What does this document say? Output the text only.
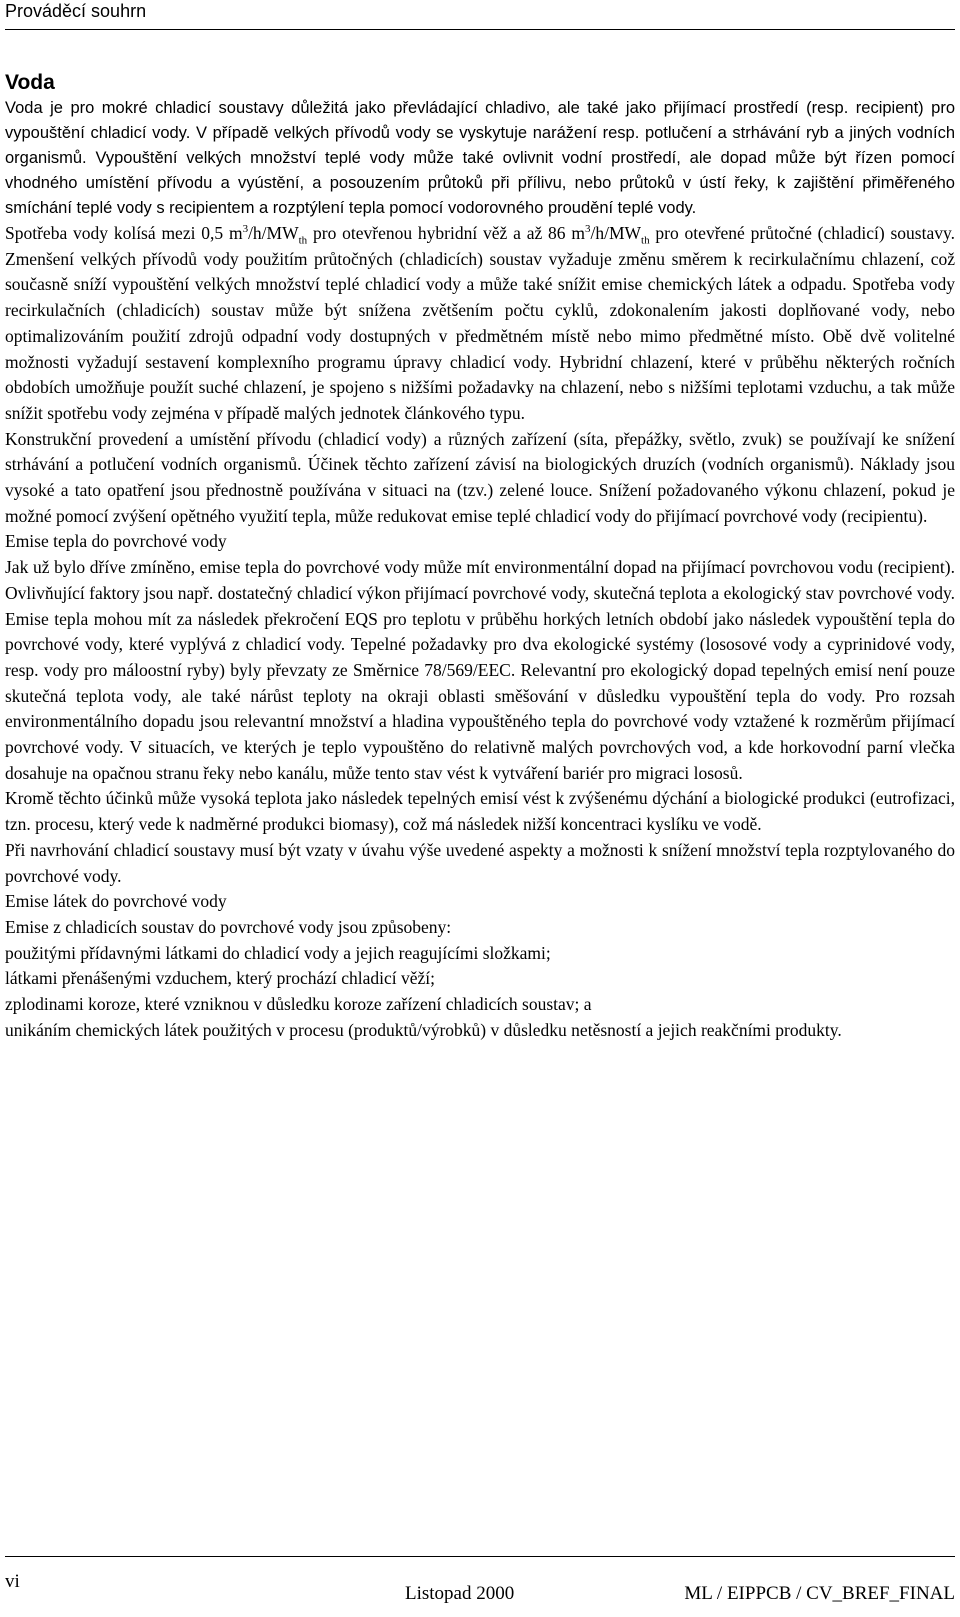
Prováděcí souhrn
Voda

Voda je pro mokré chladicí soustavy důležitá jako převládající chladivo, ale také jako přijímací prostředí (resp. recipient) pro vypouštění chladicí vody. V případě velkých přívodů vody se vyskytuje narážení resp. potlučení a strhávání ryb a jiných vodních organismů. Vypouštění velkých množství teplé vody může také ovlivnit vodní prostředí, ale dopad může být řízen pomocí vhodného umístění přívodu a vyústění, a posouzením průtoků při přílivu, nebo průtoků v ústí řeky, k zajištění přiměřeného smíchání teplé vody s recipientem a rozptýlení tepla pomocí vodorovného proudění teplé vody.

Spotřeba vody kolísá mezi 0,5 $m^3/h/MW_{th}$ pro otevřenou hybridní věž a až 86 $m^3/h/MW_{th}$ pro otevřené průtočné (chladicí) soustavy. Zmenšení velkých přívodů vody použitím průtočných (chladicích) soustav vyžaduje změnu směrem k recirkulačnímu chlazení, což současně sníží vypouštění velkých množství teplé chladicí vody a může také snížit emise chemických látek a odpadu. Spotřeba vody recirkulačních (chladicích) soustav může být snížena zvětšením počtu cyklů, zdokonalením jakosti doplňované vody, nebo optimalizováním použití zdrojů odpadní vody dostupných v předmětném místě nebo mimo předmětné místo. Obě dvě volitelné možnosti vyžadují sestavení komplexního programu úpravy chladicí vody. Hybridní chlazení, které v průběhu některých ročních obdobích umožňuje použít suché chlazení, je spojeno s nižšími požadavky na chlazení, nebo s nižšími teplotami vzduchu, a tak může snížit spotřebu vody zejména v případě malých jednotek článkového typu.

Konstrukční provedení a umístění přívodu (chladicí vody) a různých zařízení (síta, přepážky, světlo, zvuk) se používají ke snížení strhávání a potlučení vodních organismů. Účinek těchto zařízení závisí na biologických druzích (vodních organismů). Náklady jsou vysoké a tato opatření jsou přednostně používána v situaci na (tzv.) zelené louce. Snížení požadovaného výkonu chlazení, pokud je možné pomocí zvýšení opětného využití tepla, může redukovat emise teplé chladicí vody do přijímací povrchové vody (recipientu).

Emise tepla do povrchové vody

Jak už bylo dříve zmíněno, emise tepla do povrchové vody může mít environmentální dopad na přijímací povrchovou vodu (recipient). Ovlivňující faktory jsou např. dostatečný chladicí výkon přijímací povrchové vody, skutečná teplota a ekologický stav povrchové vody. Emise tepla mohou mít za následek překročení EQS pro teplotu v průběhu horkých letních období jako následek vypouštění tepla do povrchové vody, které vyplývá z chladicí vody. Tepelné požadavky pro dva ekologické systémy (lososové vody a cyprinidové vody, resp. vody pro máloostní ryby) byly převzaty ze Směrnice 78/569/EEC. Relevantní pro ekologický dopad tepelných emisí není pouze skutečná teplota vody, ale také nárůst teploty na okraji oblasti směšování v důsledku vypouštění tepla do vody. Pro rozsah environmentálního dopadu jsou relevantní množství a hladina vypouštěného tepla do povrchové vody vztažené k rozměrům přijímací povrchové vody. V situacích, ve kterých je teplo vypouštěno do relativně malých povrchových vod, a kde horkovodní parní vlečka dosahuje na opačnou stranu řeky nebo kanálu, může tento stav vést k vytváření bariér pro migraci lososů.

Kromě těchto účinků může vysoká teplota jako následek tepelných emisí vést k zvýšenému dýchání a biologické produkci (eutrofizaci, tzn. procesu, který vede k nadměrné produkci biomasy), což má následek nižší koncentraci kyslíku ve vodě.

Při navrhování chladicí soustavy musí být vzaty v úvahu výše uvedené aspekty a možnosti k snížení množství tepla rozptylovaného do povrchové vody.

Emise látek do povrchové vody

Emise z chladicích soustav do povrchové vody jsou způsobeny:

použitými přídavnými látkami do chladicí vody a jejich reagujícími složkami;

látkami přenášenými vzduchem, který prochází chladicí věží;

zplodinami koroze, které vzniknou v důsledku koroze zařízení chladicích soustav; a

unikáním chemických látek použitých v procesu (produktů/výrobků) v důsledku netěsností a jejich reakčními produkty.

vi
Listopad 2000	ML / EIPPCB / CV_BREF_FINAL
